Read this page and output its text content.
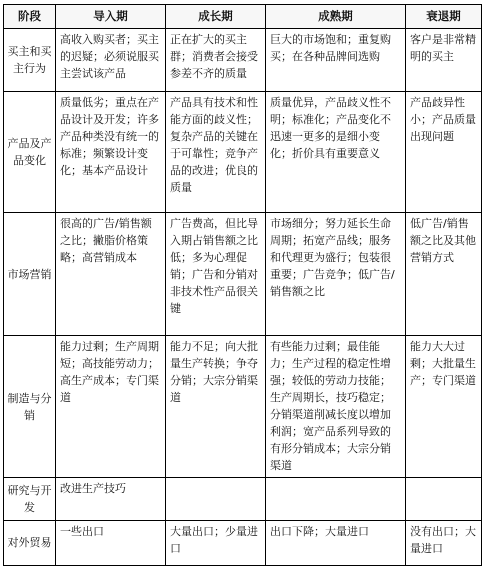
阶段	导入期	成长期	成熟期	衰退期
买主和买主行为	高收入购买者；买主的迟疑；必须说服买主尝试该产品	正在扩大的买主群；消费者会接受参差不齐的质量	巨大的市场饱和；重复购买；在各种品牌间选购	客户是非常精明的买主
产品及产品变化	质量低劣；重点在产品设计及开发；许多产品种类没有统一的标准；频繁设计变化；基本产品设计	产品具有技术和性能方面的歧义性；复杂产品的关键在于可靠性；竞争产品的改进；优良的质量	质量优异，产品歧义性不明；标准化；产品变化不迅速一更多的是细小变化；折价具有重要意义	产品歧异性小；产品质量出现问题
市场营销	很高的广告/销售额之比；撇脂价格策略；高营销成本	广告费高，但比导入期占销售额之比低；多为心理促销；广告和分销对非技术性产品很关键	市场细分；努力延长生命周期；拓宽产品线；服务和代理更为盛行；包装很重要；广告竞争；低广告/销售额之比	低广告/销售额之比及其他营销方式
制造与分销	能力过剩；生产周期短；高技能劳动力；高生产成本；专门渠道	能力不足；向大批量生产转换；争夺分销；大宗分销渠道	有些能力过剩；最佳能力；生产过程的稳定性增强；较低的劳动力技能；生产周期长，技巧稳定；分销渠道削减长度以增加利润；宽产品系列导致的有形分销成本；大宗分销渠道	能力大大过剩；大批量生产；专门渠道
研究与开发	改进生产技巧			
对外贸易	一些出口	大量出口；少量进口	出口下降；大量进口	没有出口；大量进口
